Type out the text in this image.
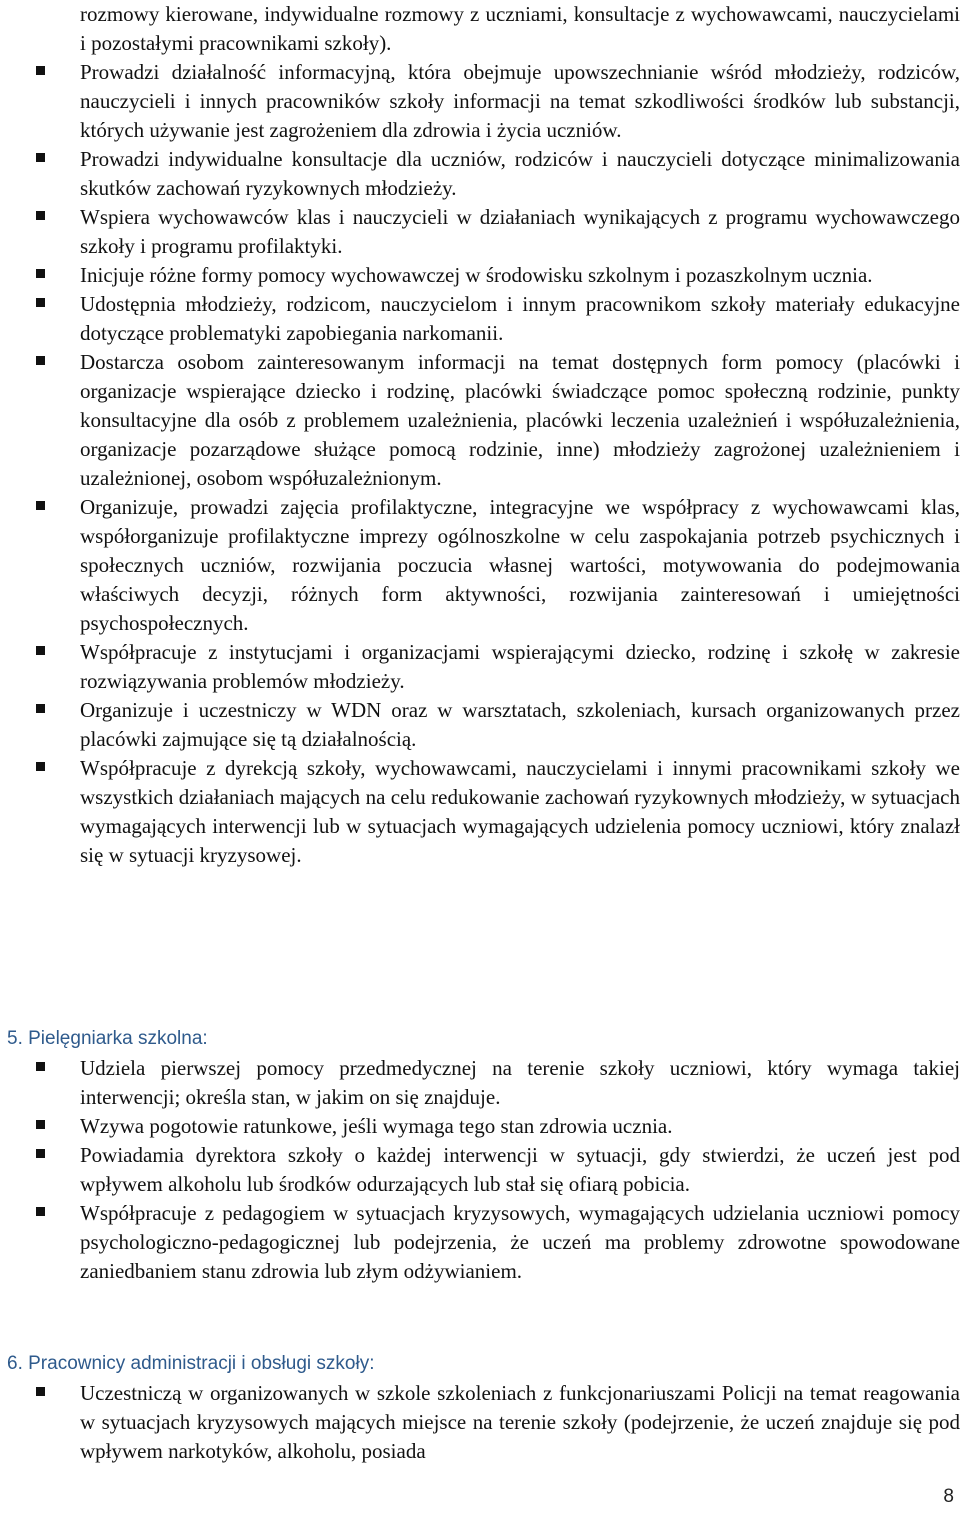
rozmowy kierowane, indywidualne rozmowy z uczniami, konsultacje z wychowawcami, nauczycielami i pozostałymi pracownikami szkoły).
Prowadzi działalność informacyjną, która obejmuje upowszechnianie wśród młodzieży, rodziców, nauczycieli i innych pracowników szkoły informacji na temat szkodliwości środków lub substancji, których używanie jest zagrożeniem dla zdrowia i życia uczniów.
Prowadzi indywidualne konsultacje dla uczniów, rodziców i nauczycieli dotyczące minimalizowania skutków zachowań ryzykownych młodzieży.
Wspiera wychowawców klas i nauczycieli w działaniach wynikających z programu wychowawczego szkoły i programu profilaktyki.
Inicjuje różne formy pomocy wychowawczej w środowisku szkolnym i pozaszkolnym ucznia.
Udostępnia młodzieży, rodzicom, nauczycielom i innym pracownikom szkoły materiały edukacyjne dotyczące problematyki zapobiegania narkomanii.
Dostarcza osobom zainteresowanym informacji na temat dostępnych form pomocy (placówki i organizacje wspierające dziecko i rodzinę, placówki świadczące pomoc społeczną rodzinie, punkty konsultacyjne dla osób z problemem uzależnienia, placówki leczenia uzależnień i współuzależnienia, organizacje pozarządowe służące pomocą rodzinie, inne) młodzieży zagrożonej uzależnieniem i uzależnionej, osobom współuzależnionym.
Organizuje, prowadzi zajęcia profilaktyczne, integracyjne we współpracy z wychowawcami klas, współorganizuje profilaktyczne imprezy ogólnoszkolne w celu zaspokajania potrzeb psychicznych i społecznych uczniów, rozwijania poczucia własnej wartości, motywowania do podejmowania właściwych decyzji, różnych form aktywności, rozwijania zainteresowań i umiejętności psychospołecznych.
Współpracuje z instytucjami i organizacjami wspierającymi dziecko, rodzinę i szkołę w zakresie rozwiązywania problemów młodzieży.
Organizuje i uczestniczy w WDN oraz w warsztatach, szkoleniach, kursach organizowanych przez placówki zajmujące się tą działalnością.
Współpracuje z dyrekcją szkoły, wychowawcami, nauczycielami i innymi pracownikami szkoły we wszystkich działaniach mających na celu redukowanie zachowań ryzykownych młodzieży, w sytuacjach wymagających interwencji lub w sytuacjach wymagających udzielenia pomocy uczniowi, który znalazł się w sytuacji kryzysowej.
5. Pielęgniarka szkolna:
Udziela pierwszej pomocy przedmedycznej na terenie szkoły uczniowi, który wymaga takiej interwencji; określa stan, w jakim on się znajduje.
Wzywa pogotowie ratunkowe, jeśli wymaga tego stan zdrowia ucznia.
Powiadamia dyrektora szkoły o każdej interwencji w sytuacji, gdy stwierdzi, że uczeń jest pod wpływem alkoholu lub środków odurzających lub stał się ofiarą pobicia.
Współpracuje z pedagogiem w sytuacjach kryzysowych, wymagających udzielania uczniowi pomocy psychologiczno-pedagogicznej lub podejrzenia, że uczeń ma problemy zdrowotne spowodowane zaniedbaniem stanu zdrowia lub złym odżywianiem.
6. Pracownicy administracji i obsługi szkoły:
Uczestniczą w organizowanych w szkole szkoleniach z funkcjonariuszami Policji na temat reagowania w sytuacjach kryzysowych mających miejsce na terenie szkoły (podejrzenie, że uczeń znajduje się pod wpływem narkotyków, alkoholu, posiada
8
